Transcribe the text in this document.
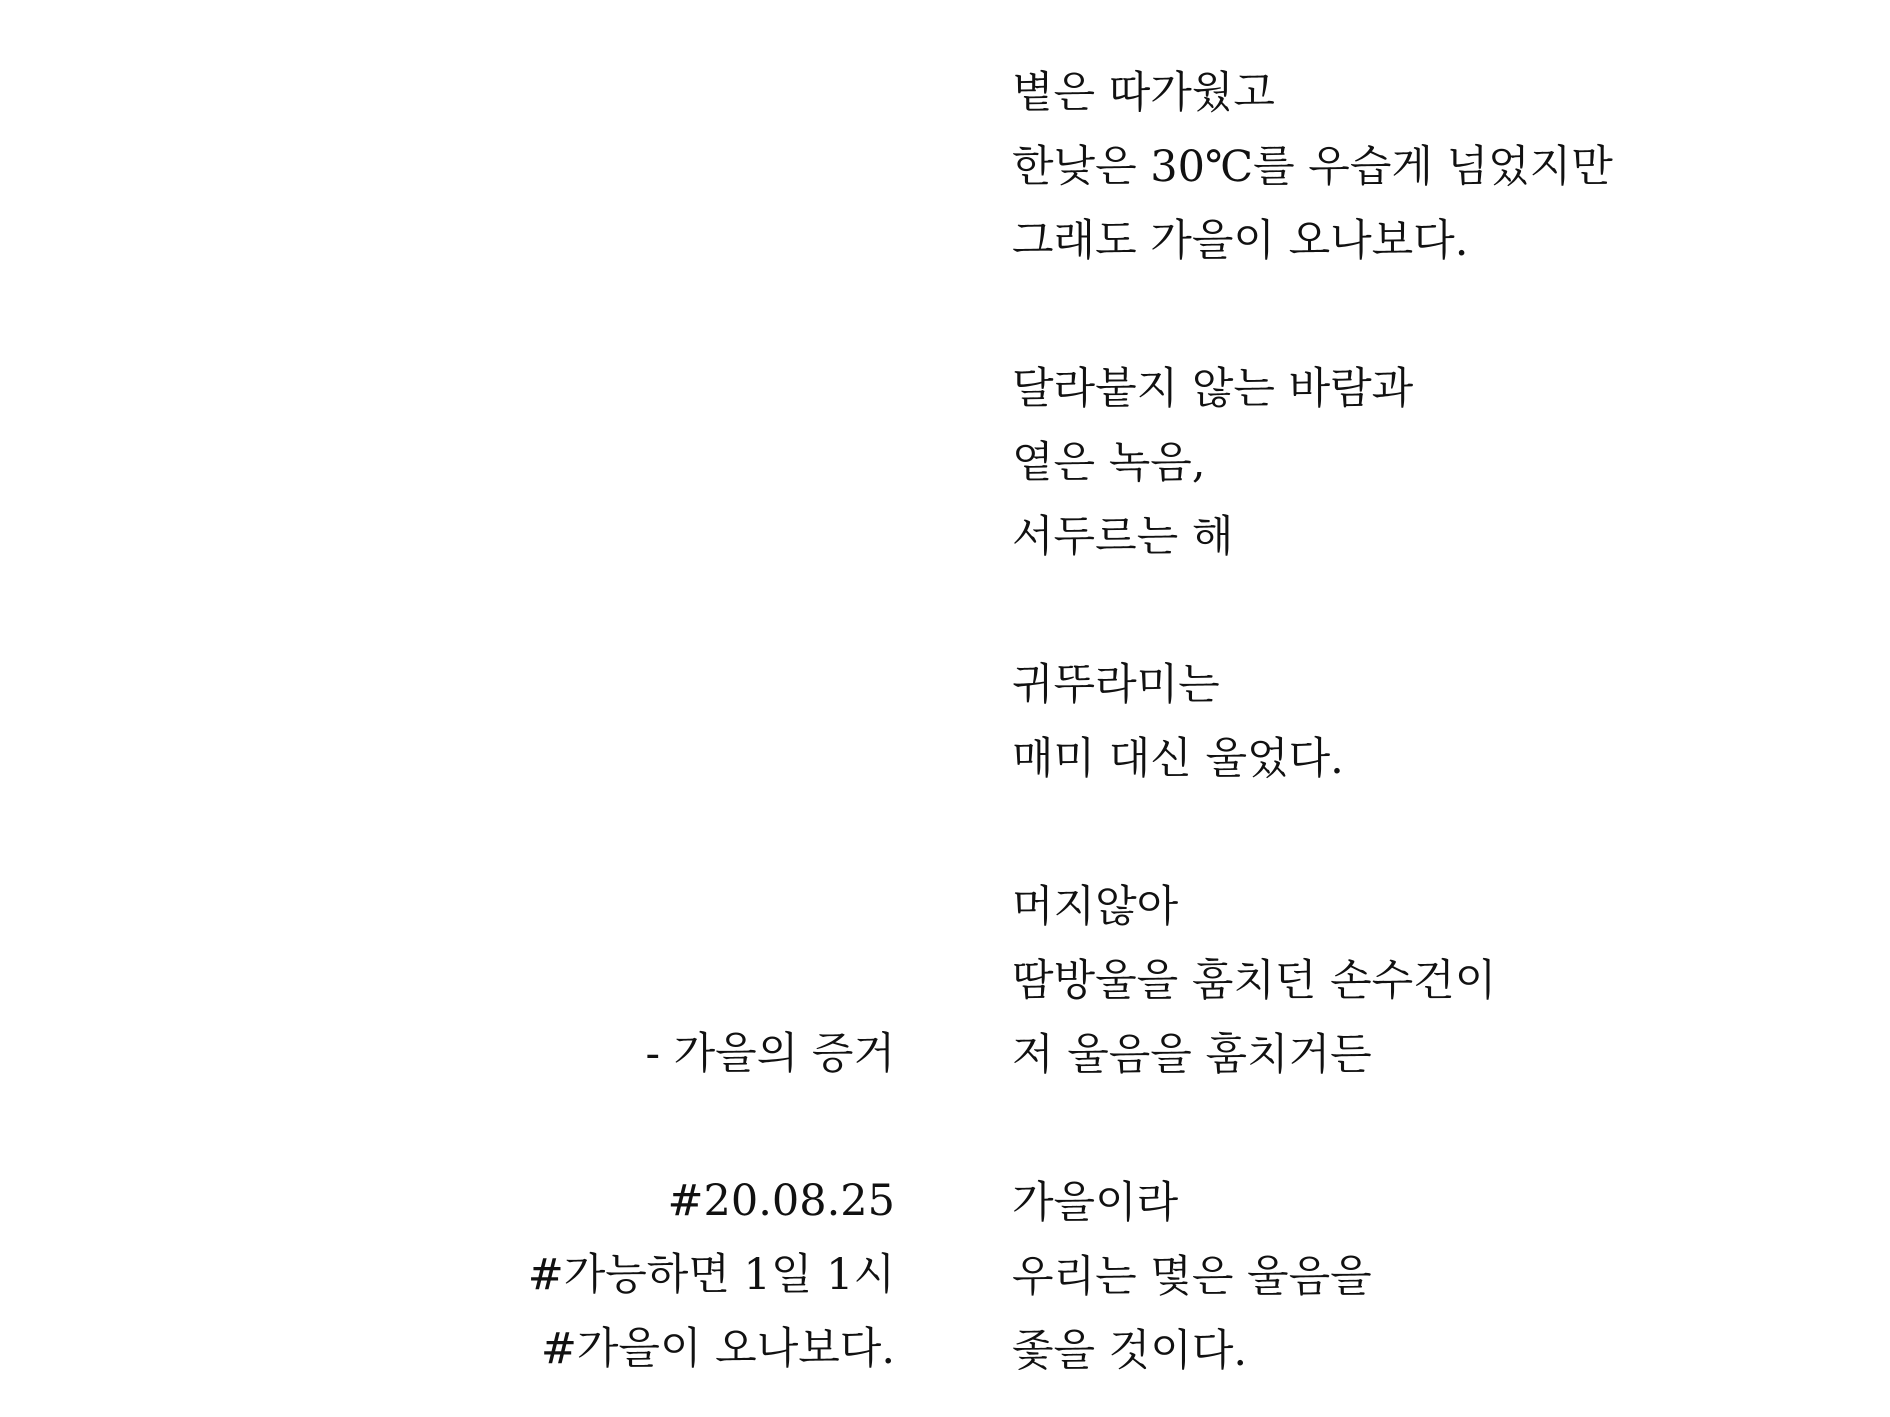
볕은 따가웠고
한낮은 30℃를 우습게 넘었지만
그래도 가을이 오나보다.
달라붙지 않는 바람과
옅은 녹음,
서두르는 해
귀뚜라미는
매미 대신 울었다.
머지않아
땀방울을 훔치던 손수건이
저 울음을 훔치거든
가을이라
우리는 몇은 울음을
좇을 것이다.
- 가을의 증거
#20.08.25
#가능하면 1일 1시
#가을이 오나보다.
